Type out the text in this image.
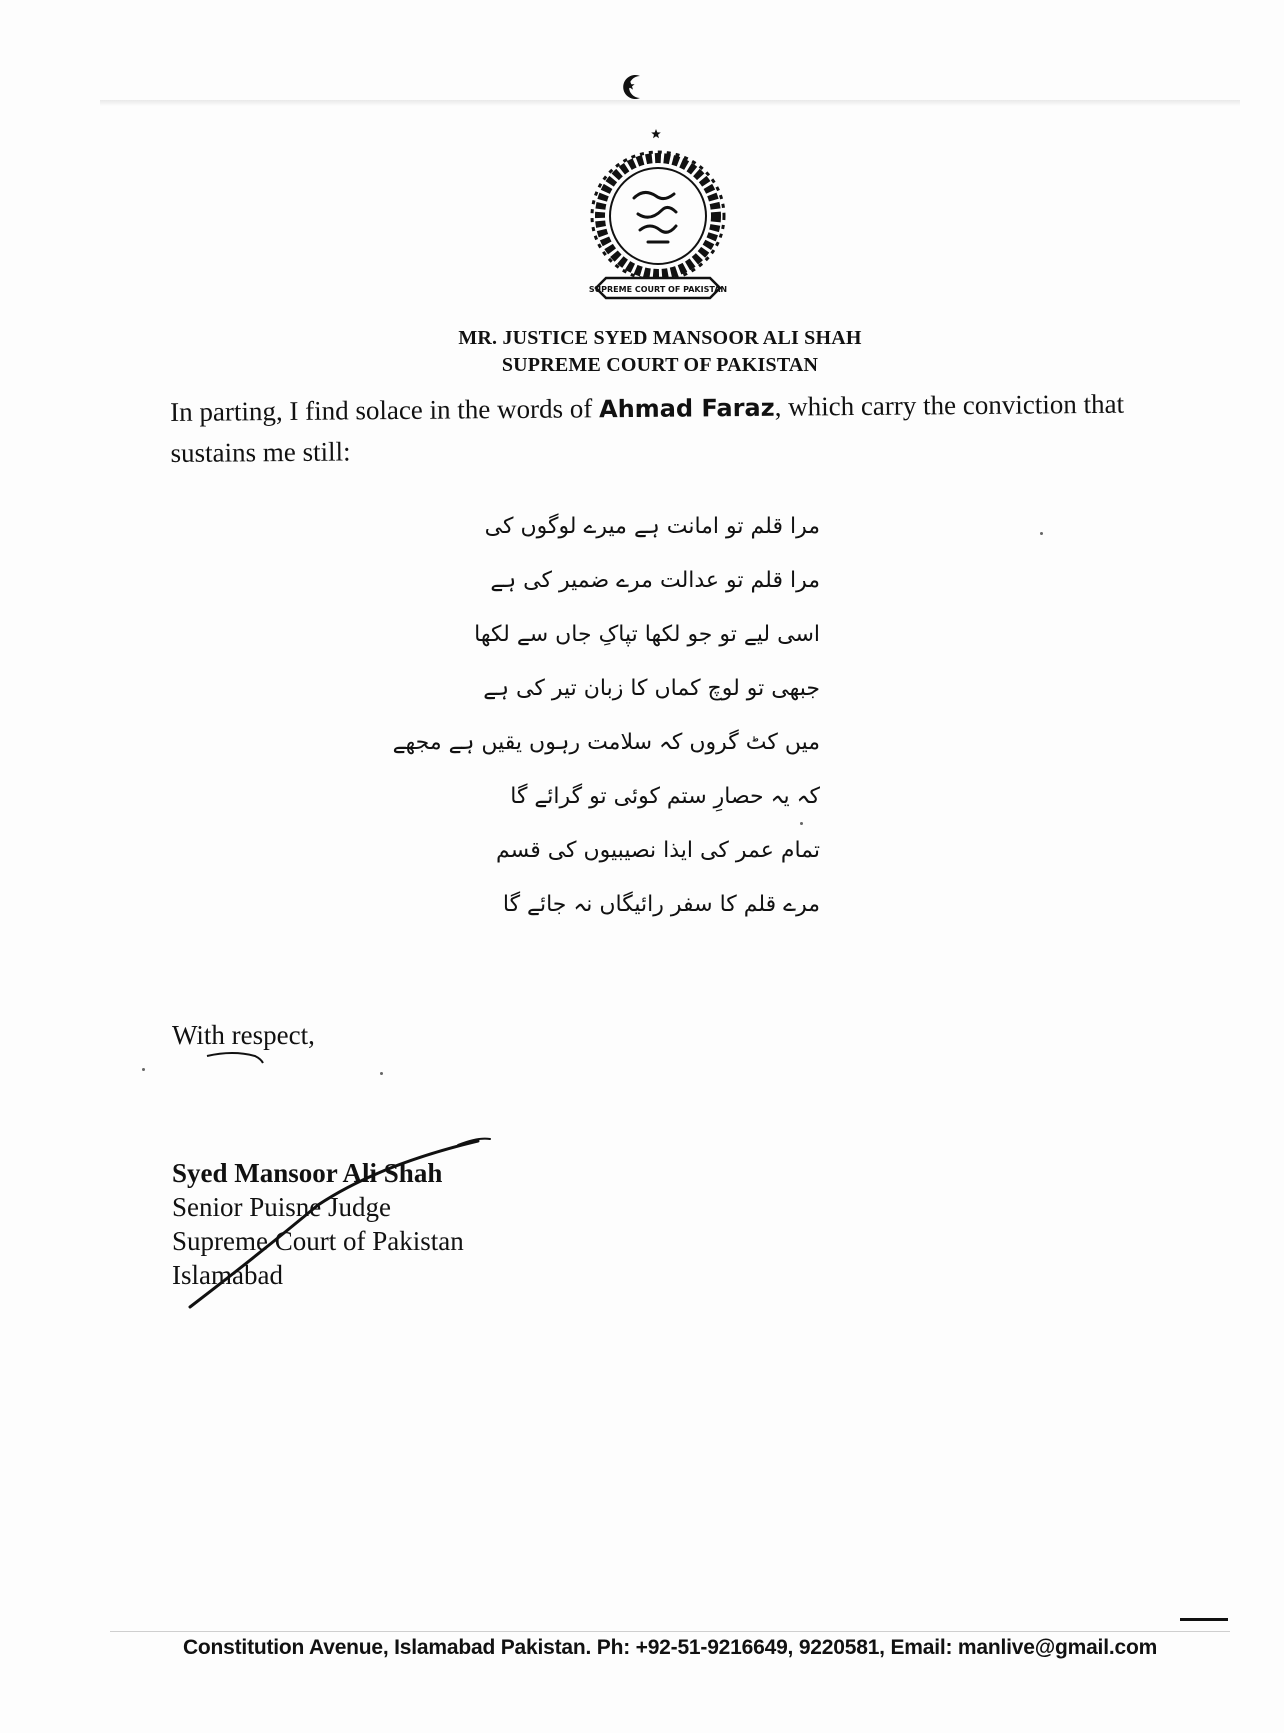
SUPREME COURT OF PAKISTAN
MR. JUSTICE SYED MANSOOR ALI SHAH
SUPREME COURT OF PAKISTAN
In parting, I find solace in the words of Ahmad Faraz, which carry the conviction that sustains me still:
مرا قلم تو امانت ہے میرے لوگوں کی
مرا قلم تو عدالت مرے ضمیر کی ہے
اسی لیے تو جو لکھا تپاکِ جاں سے لکھا
جبھی تو لوچ کماں کا زبان تیر کی ہے
میں کٹ گروں کہ سلامت رہوں یقیں ہے مجھے
کہ یہ حصارِ ستم کوئی تو گرائے گا
تمام عمر کی ایذا نصیبیوں کی قسم
مرے قلم کا سفر رائیگاں نہ جائے گا
With respect,
Syed Mansoor Ali Shah
Senior Puisne Judge
Supreme Court of Pakistan
Islamabad
Constitution Avenue, Islamabad Pakistan. Ph: +92-51-9216649, 9220581, Email: manlive@gmail.com
